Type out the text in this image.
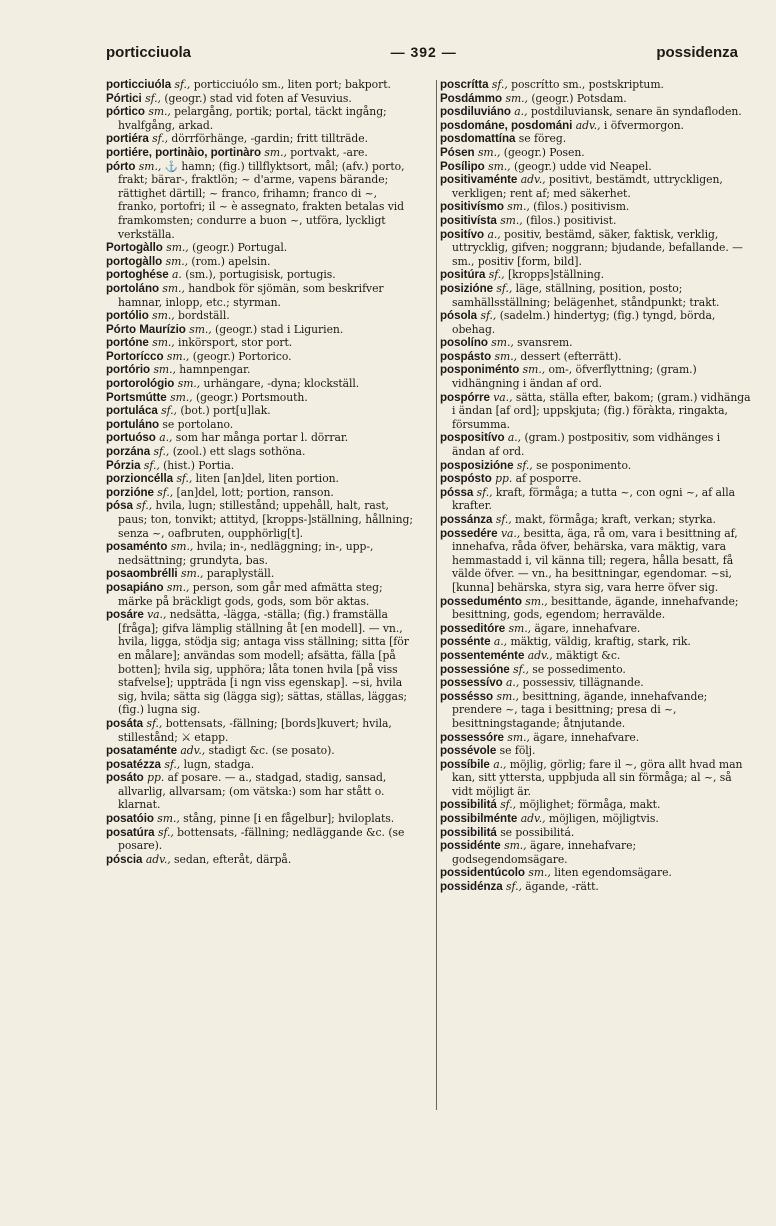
porticciuola	— 392 —	possidenza

porticciuóla sf., porticciuólo sm., liten port; bakport.

Pórtici sf., (geogr.) stad vid foten af Vesuvius.

pórtico sm., pelargång, portik; portal, täckt ingång; hvalfgång, arkad.

portiéra sf., dörrförhänge, -gardin; fritt tillträde.

portiére, portinàio, portinàro sm., portvakt, -are.

pórto sm., ⚓ hamn; (fig.) tillflyktsort, mål; (afv.) porto, frakt; bärar-, fraktlön; ~ d'arme, vapens bärande; rättighet därtill; ~ franco, frihamn; franco di ~, franko, portofri; il ~ è assegnato, frakten betalas vid framkomsten; condurre a buon ~, utföra, lyckligt verkställa.

Portogàllo sm., (geogr.) Portugal.

portogàllo sm., (rom.) apelsin.

portoghése a. (sm.), portugisisk, portugis.

portoláno sm., handbok för sjömän, som beskrifver hamnar, inlopp, etc.; styrman.

portólio sm., bordställ.

Pórto Maurízio sm., (geogr.) stad i Ligurien.

portóne sm., inkörsport, stor port.

Portorícco sm., (geogr.) Portorico.

portório sm., hamnpengar.

portorológio sm., urhängare, -dyna; klockställ.

Portsmútte sm., (geogr.) Portsmouth.

portuláca sf., (bot.) port[u]lak.

portuláno se portolano.

portuóso a., som har många portar l. dörrar.

porzána sf., (zool.) ett slags sothöna.

Pórzia sf., (hist.) Portia.

porzioncélla sf., liten [an]del, liten portion.

porzióne sf., [an]del, lott; portion, ranson.

pósa sf., hvila, lugn; stillestånd; uppehåll, halt, rast, paus; ton, tonvikt; attityd, [kropps-]ställning, hållning; senza ~, oafbruten, oupphörlig[t].

posaménto sm., hvila; in-, nedläggning; in-, upp-, nedsättning; grundyta, bas.

posaombrélli sm., paraplyställ.

posapiáno sm., person, som går med afmätta steg; märke på bräckligt gods, gods, som bör aktas.

posáre va., nedsätta, -lägga, -ställa; (fig.) framställa [fråga]; gifva lämplig ställning åt [en modell]. — vn., hvila, ligga, stödja sig; antaga viss ställning; sitta [för en målare]; användas som modell; afsätta, fälla [på botten]; hvila sig, upphöra; låta tonen hvila [på viss stafvelse]; uppträda [i ngn viss egenskap]. ~si, hvila sig, hvila; sätta sig (lägga sig); sättas, ställas, läggas; (fig.) lugna sig.

posáta sf., bottensats, -fällning; [bords]kuvert; hvila, stillestånd; ⚔ etapp.

posataménte adv., stadigt &c. (se posato).

posatézza sf., lugn, stadga.

posáto pp. af posare. — a., stadgad, stadig, sansad, allvarlig, allvarsam; (om vätska:) som har stått o. klarnat.

posatóio sm., stång, pinne [i en fågelbur]; hviloplats.

posatúra sf., bottensats, -fällning; nedläggande &c. (se posare).

póscia adv., sedan, efteråt, därpå.

poscrítta sf., poscrítto sm., postskriptum.

Posdámmo sm., (geogr.) Potsdam.

posdiluviáno a., postdiluviansk, senare än syndafloden.

posdománe, posdománi adv., i öfvermorgon.

posdomattína se föreg.

Pósen sm., (geogr.) Posen.

Posílipo sm., (geogr.) udde vid Neapel.

positivaménte adv., positivt, bestämdt, uttryckligen, verkligen; rent af; med säkerhet.

positivísmo sm., (filos.) positivism.

positivísta sm., (filos.) positivist.

positívo a., positiv, bestämd, säker, faktisk, verklig, uttrycklig, gifven; noggrann; bjudande, befallande. — sm., positiv [form, bild].

positúra sf., [kropps]ställning.

posizióne sf., läge, ställning, position, posto; samhällsställning; belägenhet, ståndpunkt; trakt.

pósola sf., (sadelm.) hindertyg; (fig.) tyngd, börda, obehag.

posolíno sm., svansrem.

pospásto sm., dessert (efterrätt).

posponiménto sm., om-, öfverflyttning; (gram.) vidhängning i ändan af ord.

pospórre va., sätta, ställa efter, bakom; (gram.) vidhänga i ändan [af ord]; uppskjuta; (fig.) föràkta, ringakta, försumma.

pospositívo a., (gram.) postpositiv, som vidhänges i ändan af ord.

posposizióne sf., se posponimento.

pospósto pp. af posporre.

póssa sf., kraft, förmåga; a tutta ~, con ogni ~, af alla krafter.

possánza sf., makt, förmåga; kraft, verkan; styrka.

possedére va., besitta, äga, rå om, vara i besittning af, innehafva, råda öfver, behärska, vara mäktig, vara hemmastadd i, vil känna till; regera, hålla besatt, få välde öfver. — vn., ha besittningar, egendomar. ~si, [kunna] behärska, styra sig, vara herre öfver sig.

posseduménto sm., besittande, ägande, innehafvande; besittning, gods, egendom; herravälde.

posseditóre sm., ägare, innehafvare.

possénte a., mäktig, väldig, kraftig, stark, rik.

possenteménte adv., mäktigt &c.

possessióne sf., se possedimento.

possessívo a., possessiv, tillägnande.

possésso sm., besittning, ägande, innehafvande; prendere ~, taga i besittning; presa di ~, besittningstagande; åtnjutande.

possessóre sm., ägare, innehafvare.

possévole se följ.

possíbile a., möjlig, görlig; fare il ~, göra allt hvad man kan, sitt yttersta, uppbjuda all sin förmåga; al ~, så vidt möjligt är.

possibilitá sf., möjlighet; förmåga, makt.

possibilménte adv., möjligen, möjligtvis.

possibilitá se possibilitá.

possidénte sm., ägare, innehafvare; godsegendomsägare.

possidentúcolo sm., liten egendomsägare.

possidénza sf., ägande, -rätt.
